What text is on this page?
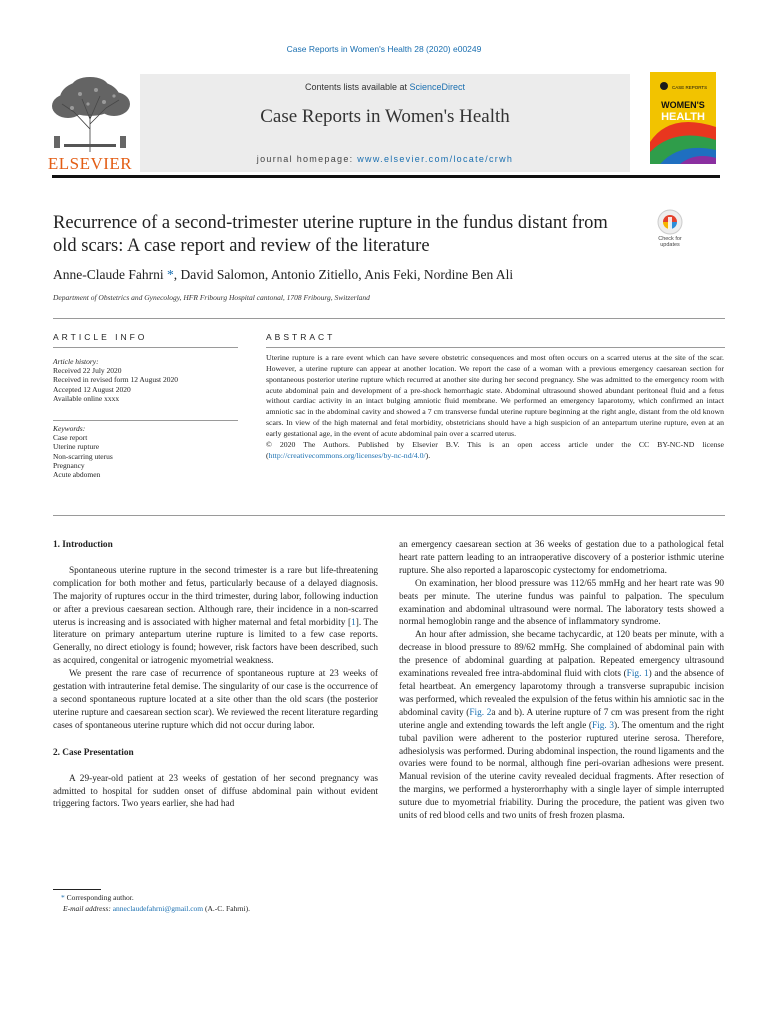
Case Reports in Women's Health 28 (2020) e00249
ELSEVIER
Contents lists available at ScienceDirect
Case Reports in Women's Health
journal homepage: www.elsevier.com/locate/crwh
CASE REPORTS
WOMEN'S
HEALTH
Recurrence of a second-trimester uterine rupture in the fundus distant from old scars: A case report and review of the literature	Check for
updates
Anne-Claude Fahrni *, David Salomon, Antonio Zitiello, Anis Feki, Nordine Ben Ali
Department of Obstetrics and Gynecology, HFR Fribourg Hospital cantonal, 1708 Fribourg, Switzerland
ARTICLE INFO	ABSTRACT
Article history:
Received 22 July 2020
Received in revised form 12 August 2020
Accepted 12 August 2020
Available online xxxx
Keywords:
Case report
Uterine rupture
Non-scarring uterus
Pregnancy
Acute abdomen
Uterine rupture is a rare event which can have severe obstetric consequences and most often occurs on a scarred uterus at the site of the scar. However, a uterine rupture can appear at another location. We report the case of a woman with a previous emergency caesarean section for spontaneous posterior uterine rupture which recurred at another site during her second pregnancy. She was admitted to the emergency room with acute abdominal pain and development of a pre-shock hemorrhagic state. Abdominal ultrasound showed abundant peritoneal fluid and a fetus without cardiac activity in an intact bulging amniotic fluid membrane. We performed an emergency laparotomy, which confirmed an intact amniotic sac in the abdominal cavity and showed a 7 cm transverse fundal uterine rupture beginning at the right angle, distant from the old known scars. In view of the high maternal and fetal morbidity, obstetricians should have a high suspicion of an antepartum uterine rupture, even at an early gestational age, in the event of acute abdominal pain over a scarred uterus.
© 2020 The Authors. Published by Elsevier B.V. This is an open access article under the CC BY-NC-ND license (http://creativecommons.org/licenses/by-nc-nd/4.0/).
1. Introduction

Spontaneous uterine rupture in the second trimester is a rare but life-threatening complication for both mother and fetus, particularly because of a delayed diagnosis. The majority of ruptures occur in the third trimester, during labor, following induction or after a previous caesarean section. Although rare, their incidence in a non-scarred uterus is increasing and is associated with higher maternal and fetal morbidity [1]. The literature on primary antepartum uterine rupture is limited to a few case reports. Generally, no direct etiology is found; however, risk factors have been described, such as acquired, congenital or iatrogenic myometrial weakness.

We present the rare case of recurrence of spontaneous rupture at 23 weeks of gestation with intrauterine fetal demise. The singularity of our case is the occurrence of a second spontaneous rupture located at a site other than the old scars (the posterior uterine rupture and caesarean section scar). We reviewed the recent literature regarding cases of spontaneous uterine rupture which did not occur during labor.

2. Case Presentation

A 29-year-old patient at 23 weeks of gestation of her second pregnancy was admitted to hospital for sudden onset of diffuse abdominal pain without evident triggering factors. Two years earlier, she had had

an emergency caesarean section at 36 weeks of gestation due to a pathological fetal heart rate pattern leading to an intraoperative discovery of a posterior isthmic uterine rupture. She also reported a laparoscopic cystectomy for endometrioma.

On examination, her blood pressure was 112/65 mmHg and her heart rate was 90 beats per minute. The uterine fundus was painful to palpation. The speculum examination and abdominal ultrasound were normal. The laboratory tests showed a normal hemoglobin range and the absence of inflammatory syndrome.

An hour after admission, she became tachycardic, at 120 beats per minute, with a decrease in blood pressure to 89/62 mmHg. She complained of abdominal pain with the presence of abdominal guarding at palpation. Repeated emergency ultrasound examinations revealed free intra-abdominal fluid with clots (Fig. 1) and the absence of fetal heartbeat. An emergency laparotomy through a transverse suprapubic incision was performed, which revealed the expulsion of the fetus within his amniotic sac in the abdominal cavity (Fig. 2a and b). A uterine rupture of 7 cm was present from the right uterine angle and extending towards the left angle (Fig. 3). The omentum and the right tubal pavilion were adherent to the posterior ruptured uterine serosa. Therefore, adhesiolysis was performed. During abdominal inspection, the round ligaments and the ovaries were found to be normal, although fine peri-ovarian adhesions were present. Manual revision of the uterine cavity revealed decidual fragments. After resection of the margins, we performed a hysterorrhaphy with a single layer of simple interrupted suture due to myometrial friability. During the procedure, the patient was given two units of red blood cells and two units of fresh frozen plasma.

* Corresponding author.
E-mail address: anneclaudefahrni@gmail.com (A.-C. Fahrni).
